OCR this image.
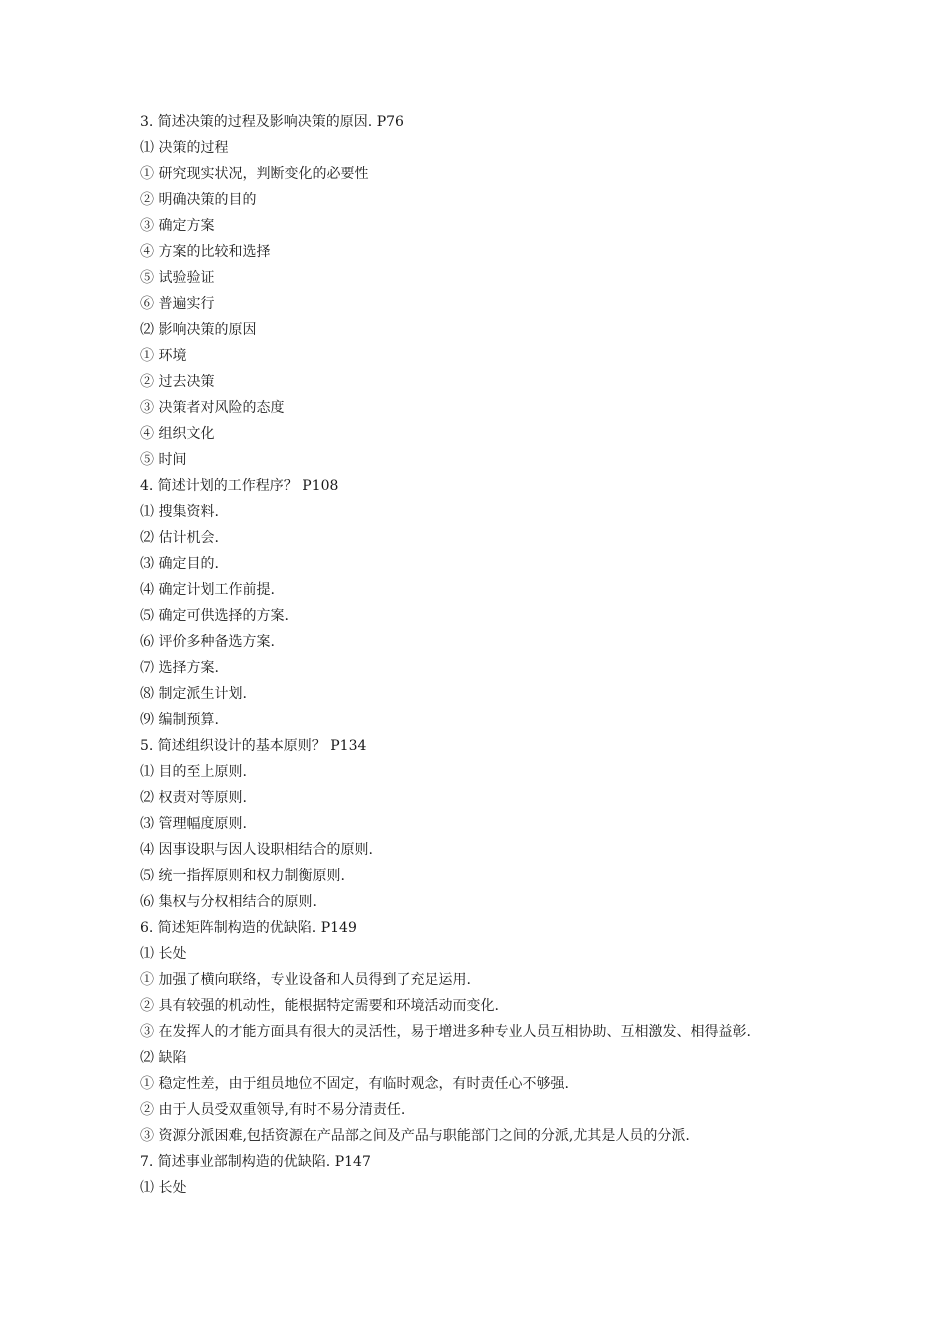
3. 简述决策的过程及影响决策的原因. P76
⑴ 决策的过程
① 研究现实状况，判断变化的必要性
② 明确决策的目的
③ 确定方案
④ 方案的比较和选择
⑤ 试验验证
⑥ 普遍实行
⑵ 影响决策的原因
① 环境
② 过去决策
③ 决策者对风险的态度
④ 组织文化
⑤ 时间
4. 简述计划的工作程序？ P108
⑴ 搜集资料.
⑵ 估计机会.
⑶ 确定目的.
⑷ 确定计划工作前提.
⑸ 确定可供选择的方案.
⑹ 评价多种备选方案.
⑺ 选择方案.
⑻ 制定派生计划.
⑼ 编制预算.
5. 简述组织设计的基本原则？ P134
⑴ 目的至上原则.
⑵ 权责对等原则.
⑶ 管理幅度原则.
⑷ 因事设职与因人设职相结合的原则.
⑸ 统一指挥原则和权力制衡原则.
⑹ 集权与分权相结合的原则.
6. 简述矩阵制构造的优缺陷. P149
⑴ 长处
① 加强了横向联络，专业设备和人员得到了充足运用.
② 具有较强的机动性，能根据特定需要和环境活动而变化.
③ 在发挥人的才能方面具有很大的灵活性，易于增进多种专业人员互相协助、互相激发、相得益彰.
⑵ 缺陷
① 稳定性差，由于组员地位不固定，有临时观念，有时责任心不够强.
② 由于人员受双重领导,有时不易分清责任.
③ 资源分派困难,包括资源在产品部之间及产品与职能部门之间的分派,尤其是人员的分派.
7. 简述事业部制构造的优缺陷. P147
⑴ 长处
